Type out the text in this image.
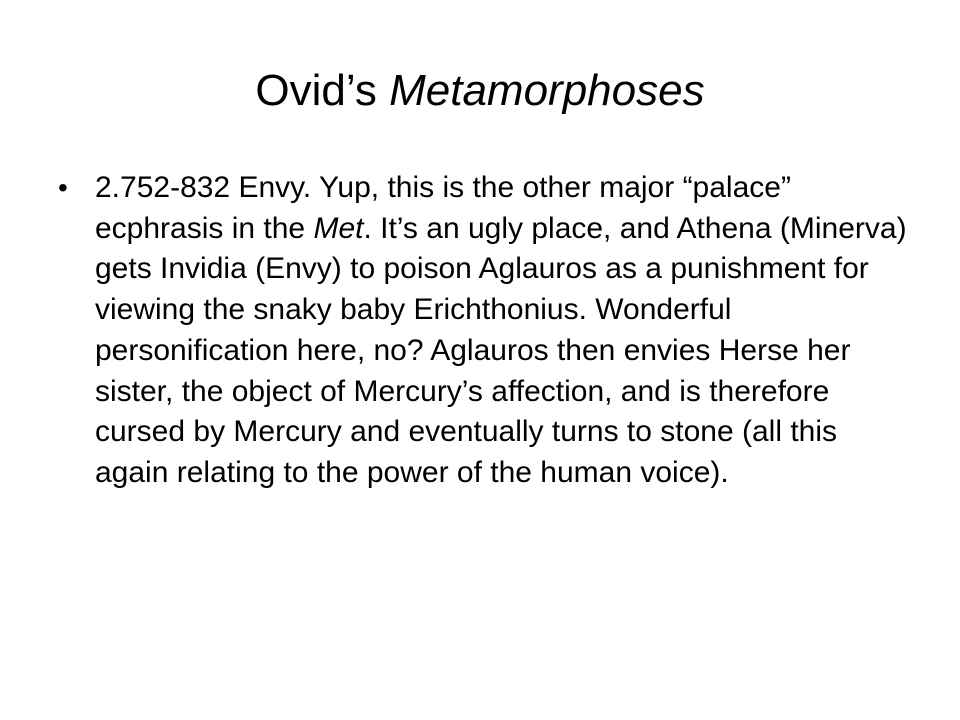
Ovid’s Metamorphoses
• 2.752-832 Envy. Yup, this is the other major “palace” ecphrasis in the Met. It’s an ugly place, and Athena (Minerva) gets Invidia (Envy) to poison Aglauros as a punishment for viewing the snaky baby Erichthonius. Wonderful personification here, no? Aglauros then envies Herse her sister, the object of Mercury’s affection, and is therefore cursed by Mercury and eventually turns to stone (all this again relating to the power of the human voice).
